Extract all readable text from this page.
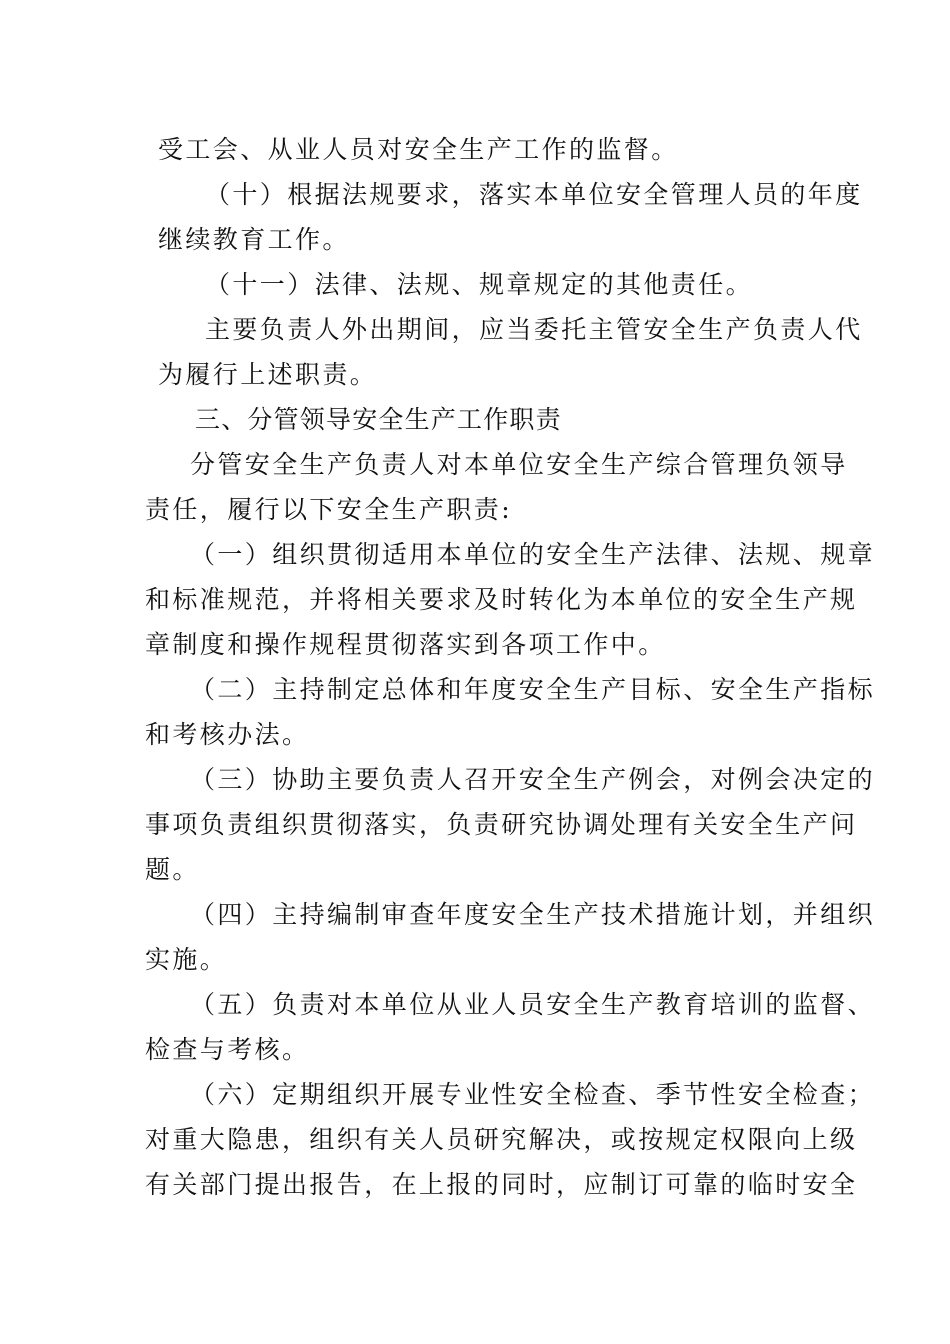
受工会、从业人员对安全生产工作的监督。
（十）根据法规要求，落实本单位安全管理人员的年度
继续教育工作。
（十一）法律、法规、规章规定的其他责任。
主要负责人外出期间，应当委托主管安全生产负责人代
为履行上述职责。
三、分管领导安全生产工作职责
分管安全生产负责人对本单位安全生产综合管理负领导
责任，履行以下安全生产职责:
（一）组织贯彻适用本单位的安全生产法律、法规、规章
和标准规范，并将相关要求及时转化为本单位的安全生产规
章制度和操作规程贯彻落实到各项工作中。
（二）主持制定总体和年度安全生产目标、安全生产指标
和考核办法。
（三）协助主要负责人召开安全生产例会，对例会决定的
事项负责组织贯彻落实，负责研究协调处理有关安全生产问
题。
（四）主持编制审查年度安全生产技术措施计划，并组织
实施。
（五）负责对本单位从业人员安全生产教育培训的监督、
检查与考核。
（六）定期组织开展专业性安全检查、季节性安全检查；
对重大隐患，组织有关人员研究解决，或按规定权限向上级
有关部门提出报告，在上报的同时，应制订可靠的临时安全
